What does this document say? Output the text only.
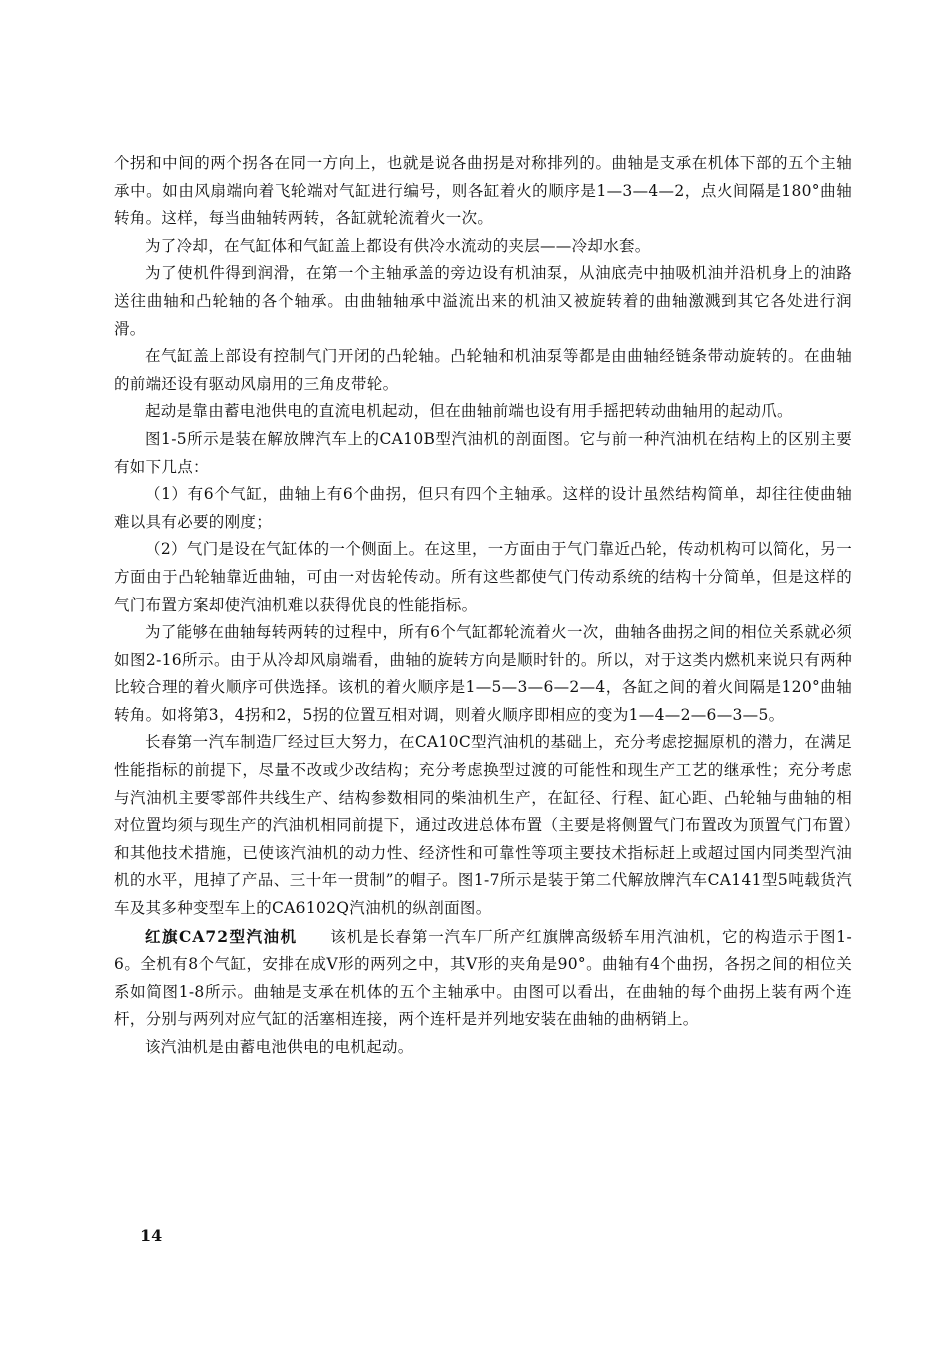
个拐和中间的两个拐各在同一方向上，也就是说各曲拐是对称排列的。曲轴是支承在机体下部的五个主轴承中。如由风扇端向着飞轮端对气缸进行编号，则各缸着火的顺序是1—3—4—2，点火间隔是180°曲轴转角。这样，每当曲轴转两转，各缸就轮流着火一次。

为了冷却，在气缸体和气缸盖上都设有供冷水流动的夹层——冷却水套。

为了使机件得到润滑，在第一个主轴承盖的旁边设有机油泵，从油底壳中抽吸机油并沿机身上的油路送往曲轴和凸轮轴的各个轴承。由曲轴轴承中溢流出来的机油又被旋转着的曲轴激溅到其它各处进行润滑。

在气缸盖上部设有控制气门开闭的凸轮轴。凸轮轴和机油泵等都是由曲轴经链条带动旋转的。在曲轴的前端还设有驱动风扇用的三角皮带轮。

起动是靠由蓄电池供电的直流电机起动，但在曲轴前端也设有用手摇把转动曲轴用的起动爪。

图1-5所示是装在解放牌汽车上的CA10B型汽油机的剖面图。它与前一种汽油机在结构上的区别主要有如下几点：

（1）有6个气缸，曲轴上有6个曲拐，但只有四个主轴承。这样的设计虽然结构简单，却往往使曲轴难以具有必要的刚度；

（2）气门是设在气缸体的一个侧面上。在这里，一方面由于气门靠近凸轮，传动机构可以简化，另一方面由于凸轮轴靠近曲轴，可由一对齿轮传动。所有这些都使气门传动系统的结构十分简单，但是这样的气门布置方案却使汽油机难以获得优良的性能指标。

为了能够在曲轴每转两转的过程中，所有6个气缸都轮流着火一次，曲轴各曲拐之间的相位关系就必须如图2-16所示。由于从冷却风扇端看，曲轴的旋转方向是顺时针的。所以，对于这类内燃机来说只有两种比较合理的着火顺序可供选择。该机的着火顺序是1—5—3—6—2—4，各缸之间的着火间隔是120°曲轴转角。如将第3，4拐和2，5拐的位置互相对调，则着火顺序即相应的变为1—4—2—6—3—5。

长春第一汽车制造厂经过巨大努力，在CA10C型汽油机的基础上，充分考虑挖掘原机的潜力，在满足性能指标的前提下，尽量不改或少改结构；充分考虑换型过渡的可能性和现生产工艺的继承性；充分考虑与汽油机主要零部件共线生产、结构参数相同的柴油机生产，在缸径、行程、缸心距、凸轮轴与曲轴的相对位置均须与现生产的汽油机相同前提下，通过改进总体布置（主要是将侧置气门布置改为顶置气门布置）和其他技术措施，已使该汽油机的动力性、经济性和可靠性等项主要技术指标赶上或超过国内同类型汽油机的水平，甩掉了产品、三十年一贯制”的帽子。图1-7所示是装于第二代解放牌汽车CA141型5吨载货汽车及其多种变型车上的CA6102Q汽油机的纵剖面图。

红旗CA72型汽油机　　 该机是长春第一汽车厂所产红旗牌高级轿车用汽油机，它的构造示于图1-6。全机有8个气缸，安排在成V形的两列之中，其V形的夹角是90°。曲轴有4个曲拐，各拐之间的相位关系如简图1-8所示。曲轴是支承在机体的五个主轴承中。由图可以看出，在曲轴的每个曲拐上装有两个连杆，分别与两列对应气缸的活塞相连接，两个连杆是并列地安装在曲轴的曲柄销上。

该汽油机是由蓄电池供电的电机起动。

14
